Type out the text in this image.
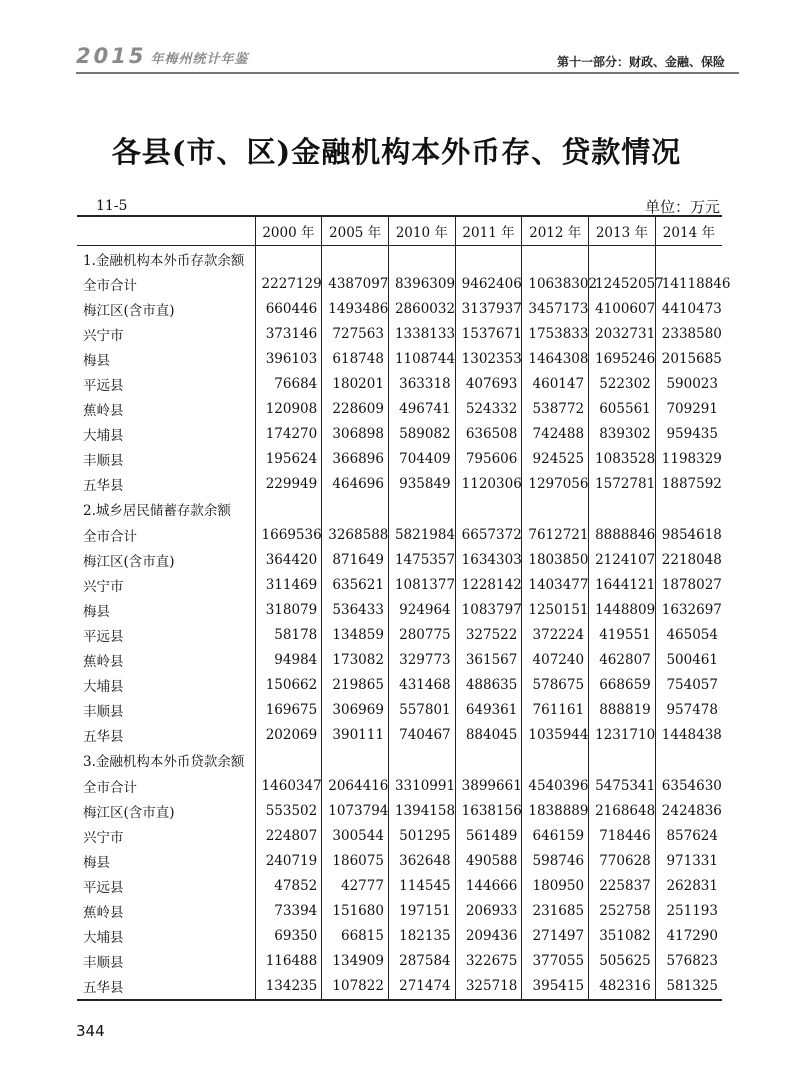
2015 年梅州统计年鉴	第十一部分：财政、金融、保险
各县(市、区)金融机构本外币存、贷款情况
11-5	单位：万元
	2000 年	2005 年	2010 年	2011 年	2012 年	2013 年	2014 年
1.金融机构本外币存款余额							
全市合计	2227129	4387097	8396309	9462406	10638302	12452057	14118846
梅江区(含市直)	660446	1493486	2860032	3137937	3457173	4100607	4410473
兴宁市	373146	727563	1338133	1537671	1753833	2032731	2338580
梅县	396103	618748	1108744	1302353	1464308	1695246	2015685
平远县	76684	180201	363318	407693	460147	522302	590023
蕉岭县	120908	228609	496741	524332	538772	605561	709291
大埔县	174270	306898	589082	636508	742488	839302	959435
丰顺县	195624	366896	704409	795606	924525	1083528	1198329
五华县	229949	464696	935849	1120306	1297056	1572781	1887592
2.城乡居民储蓄存款余额							
全市合计	1669536	3268588	5821984	6657372	7612721	8888846	9854618
梅江区(含市直)	364420	871649	1475357	1634303	1803850	2124107	2218048
兴宁市	311469	635621	1081377	1228142	1403477	1644121	1878027
梅县	318079	536433	924964	1083797	1250151	1448809	1632697
平远县	58178	134859	280775	327522	372224	419551	465054
蕉岭县	94984	173082	329773	361567	407240	462807	500461
大埔县	150662	219865	431468	488635	578675	668659	754057
丰顺县	169675	306969	557801	649361	761161	888819	957478
五华县	202069	390111	740467	884045	1035944	1231710	1448438
3.金融机构本外币贷款余额							
全市合计	1460347	2064416	3310991	3899661	4540396	5475341	6354630
梅江区(含市直)	553502	1073794	1394158	1638156	1838889	2168648	2424836
兴宁市	224807	300544	501295	561489	646159	718446	857624
梅县	240719	186075	362648	490588	598746	770628	971331
平远县	47852	42777	114545	144666	180950	225837	262831
蕉岭县	73394	151680	197151	206933	231685	252758	251193
大埔县	69350	66815	182135	209436	271497	351082	417290
丰顺县	116488	134909	287584	322675	377055	505625	576823
五华县	134235	107822	271474	325718	395415	482316	581325
344
